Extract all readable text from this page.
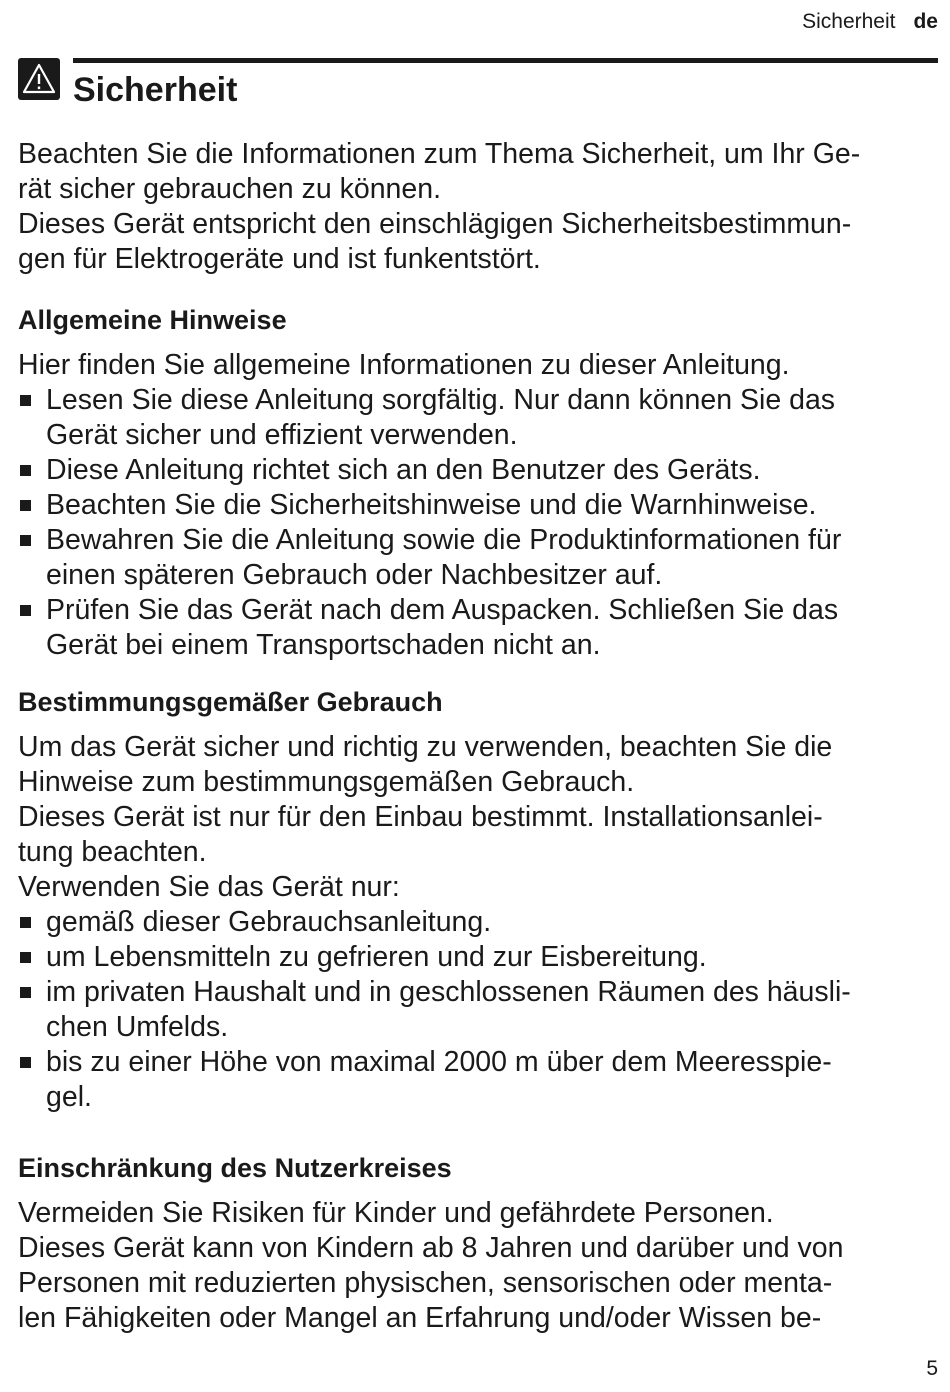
Sicherheit de
Sicherheit

Beachten Sie die Informationen zum Thema Sicherheit, um Ihr Ge-

rät sicher gebrauchen zu können.

Dieses Gerät entspricht den einschlägigen Sicherheitsbestimmun-

gen für Elektrogeräte und ist funkentstört.

Allgemeine Hinweise

Hier finden Sie allgemeine Informationen zu dieser Anleitung.

Lesen Sie diese Anleitung sorgfältig. Nur dann können Sie das
Gerät sicher und effizient verwenden.
Diese Anleitung richtet sich an den Benutzer des Geräts.
Beachten Sie die Sicherheitshinweise und die Warnhinweise.
Bewahren Sie die Anleitung sowie die Produktinformationen für
einen späteren Gebrauch oder Nachbesitzer auf.
Prüfen Sie das Gerät nach dem Auspacken. Schließen Sie das
Gerät bei einem Transportschaden nicht an.
Bestimmungsgemäßer Gebrauch

Um das Gerät sicher und richtig zu verwenden, beachten Sie die

Hinweise zum bestimmungsgemäßen Gebrauch.

Dieses Gerät ist nur für den Einbau bestimmt. Installationsanlei-

tung beachten.

Verwenden Sie das Gerät nur:

gemäß dieser Gebrauchsanleitung.
um Lebensmitteln zu gefrieren und zur Eisbereitung.
im privaten Haushalt und in geschlossenen Räumen des häusli-
chen Umfelds.
bis zu einer Höhe von maximal 2000 m über dem Meeresspie-
gel.
Einschränkung des Nutzerkreises

Vermeiden Sie Risiken für Kinder und gefährdete Personen.

Dieses Gerät kann von Kindern ab 8 Jahren und darüber und von

Personen mit reduzierten physischen, sensorischen oder menta-

len Fähigkeiten oder Mangel an Erfahrung und/oder Wissen be-

5
